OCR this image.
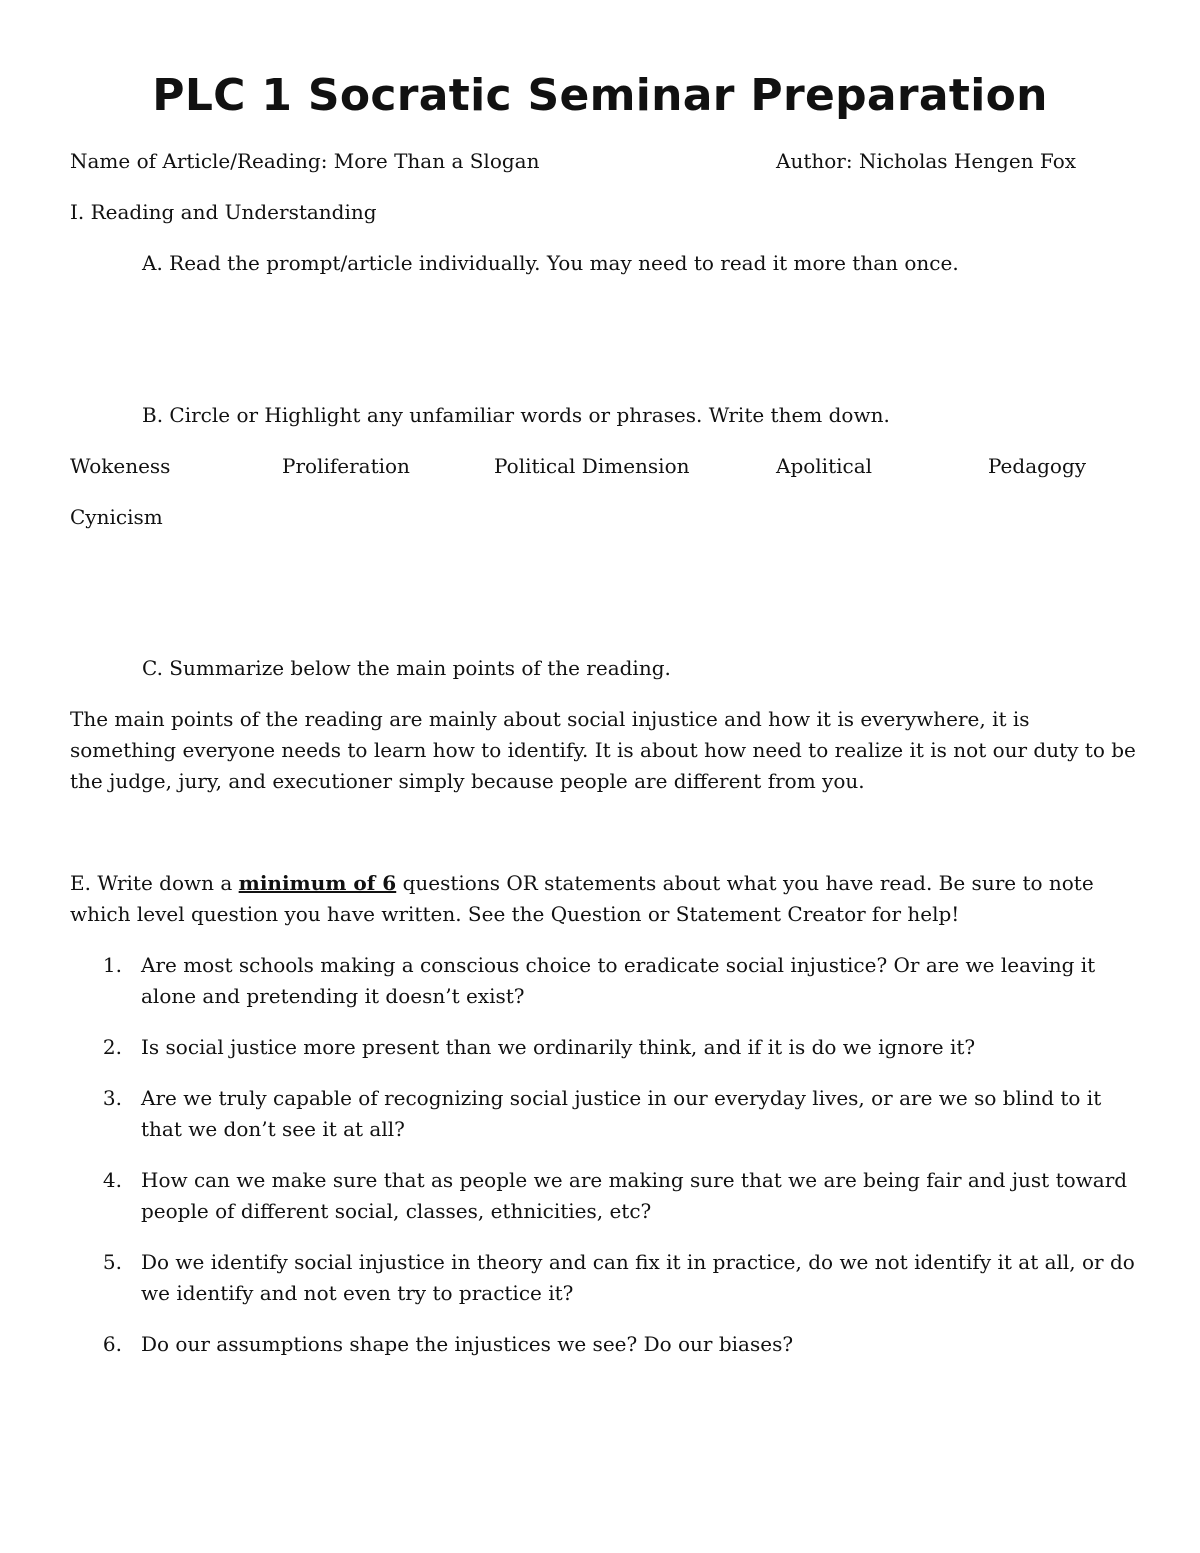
PLC 1 Socratic Seminar Preparation
Name of Article/Reading: More Than a Slogan	Author: Nicholas Hengen Fox
I. Reading and Understanding
A. Read the prompt/article individually. You may need to read it more than once.
B. Circle or Highlight any unfamiliar words or phrases. Write them down.
Wokeness	Proliferation	Political Dimension	Apolitical	Pedagogy
Cynicism
C. Summarize below the main points of the reading.
The main points of the reading are mainly about social injustice and how it is everywhere, it is something everyone needs to learn how to identify. It is about how need to realize it is not our duty to be the judge, jury, and executioner simply because people are different from you.
E. Write down a minimum of 6 questions OR statements about what you have read. Be sure to note which level question you have written. See the Question or Statement Creator for help!
1. Are most schools making a conscious choice to eradicate social injustice? Or are we leaving it alone and pretending it doesn’t exist?
2. Is social justice more present than we ordinarily think, and if it is do we ignore it?
3. Are we truly capable of recognizing social justice in our everyday lives, or are we so blind to it that we don’t see it at all?
4. How can we make sure that as people we are making sure that we are being fair and just toward people of different social, classes, ethnicities, etc?
5. Do we identify social injustice in theory and can fix it in practice, do we not identify it at all, or do we identify and not even try to practice it?
6. Do our assumptions shape the injustices we see? Do our biases?
